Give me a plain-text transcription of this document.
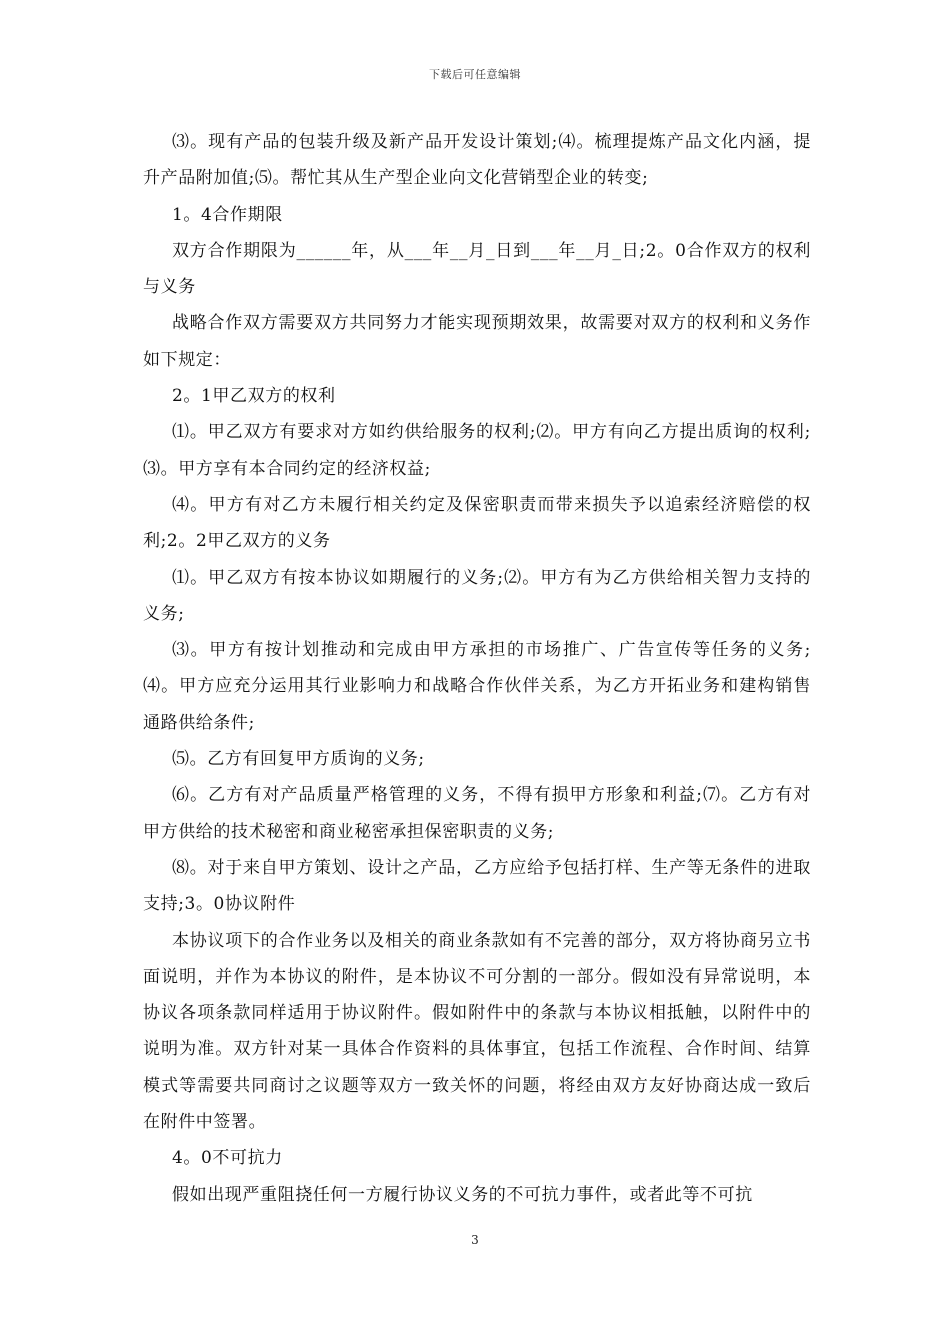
下载后可任意编辑

⑶。现有产品的包装升级及新产品开发设计策划;⑷。梳理提炼产品文化内涵，提升产品附加值;⑸。帮忙其从生产型企业向文化营销型企业的转变;

1。4合作期限

双方合作期限为______年，从___年__月_日到___年__月_日;2。0合作双方的权利与义务

战略合作双方需要双方共同努力才能实现预期效果，故需要对双方的权利和义务作如下规定：

2。1甲乙双方的权利

⑴。甲乙双方有要求对方如约供给服务的权利;⑵。甲方有向乙方提出质询的权利;⑶。甲方享有本合同约定的经济权益;

⑷。甲方有对乙方未履行相关约定及保密职责而带来损失予以追索经济赔偿的权利;2。2甲乙双方的义务

⑴。甲乙双方有按本协议如期履行的义务;⑵。甲方有为乙方供给相关智力支持的义务;

⑶。甲方有按计划推动和完成由甲方承担的市场推广、广告宣传等任务的义务;⑷。甲方应充分运用其行业影响力和战略合作伙伴关系，为乙方开拓业务和建构销售通路供给条件;

⑸。乙方有回复甲方质询的义务;

⑹。乙方有对产品质量严格管理的义务，不得有损甲方形象和利益;⑺。乙方有对甲方供给的技术秘密和商业秘密承担保密职责的义务;

⑻。对于来自甲方策划、设计之产品，乙方应给予包括打样、生产等无条件的进取支持;3。0协议附件

本协议项下的合作业务以及相关的商业条款如有不完善的部分，双方将协商另立书面说明，并作为本协议的附件，是本协议不可分割的一部分。假如没有异常说明，本协议各项条款同样适用于协议附件。假如附件中的条款与本协议相抵触，以附件中的说明为准。双方针对某一具体合作资料的具体事宜，包括工作流程、合作时间、结算模式等需要共同商讨之议题等双方一致关怀的问题，将经由双方友好协商达成一致后在附件中签署。

4。0不可抗力

假如出现严重阻挠任何一方履行协议义务的不可抗力事件，或者此等不可抗

3
